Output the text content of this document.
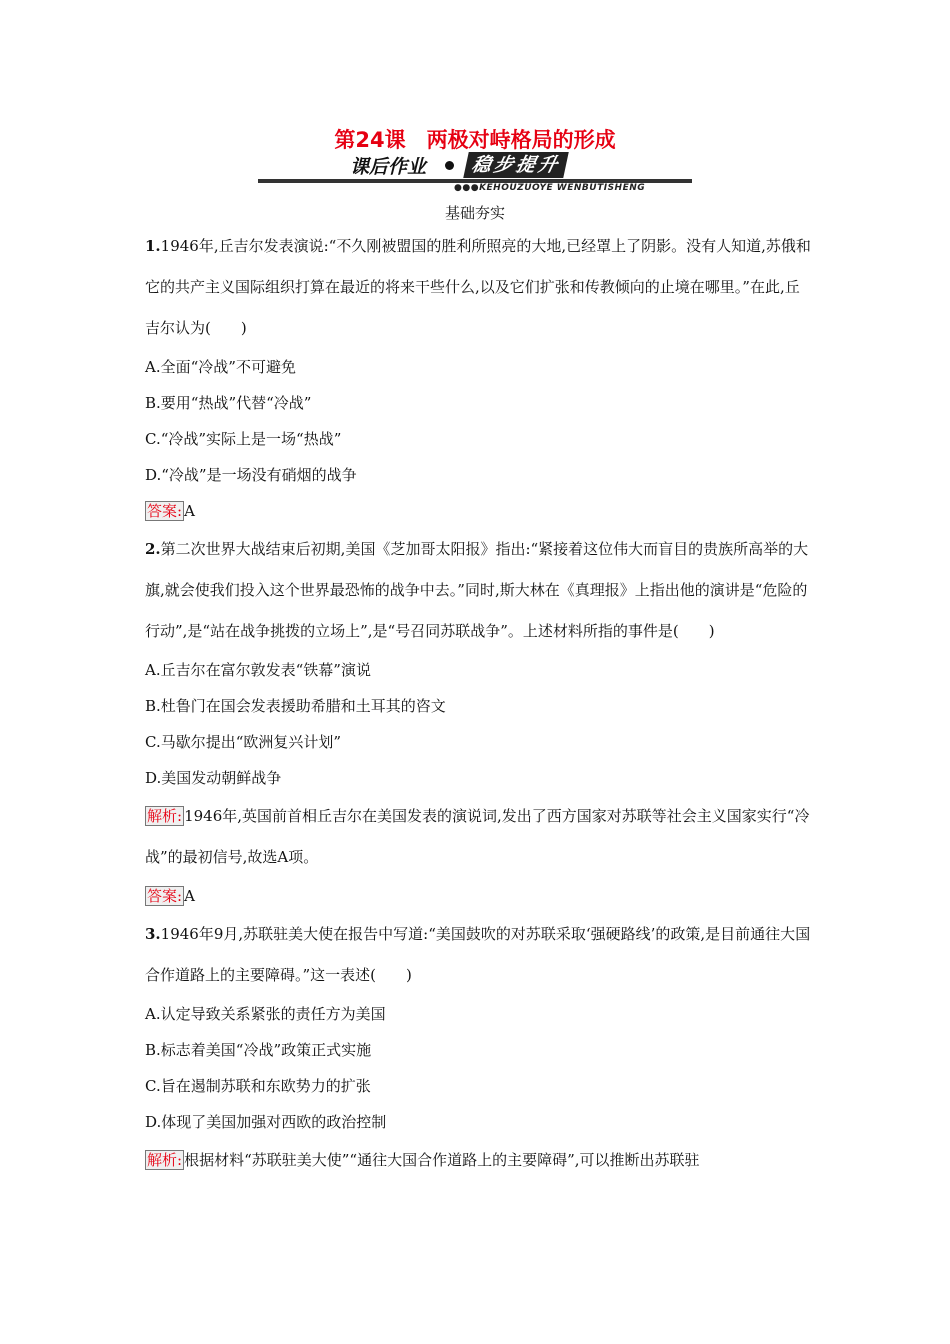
第24课　两极对峙格局的形成
课后作业	稳步提升
●●●KEHOUZUOYE WENBUTISHENG
基础夯实
1.1946年,丘吉尔发表演说:“不久刚被盟国的胜利所照亮的大地,已经罩上了阴影。没有人知道,苏俄和它的共产主义国际组织打算在最近的将来干些什么,以及它们扩张和传教倾向的止境在哪里。”在此,丘吉尔认为(　　)
A.全面“冷战”不可避免
B.要用“热战”代替“冷战”
C.“冷战”实际上是一场“热战”
D.“冷战”是一场没有硝烟的战争
答案: A
2.第二次世界大战结束后初期,美国《芝加哥太阳报》指出:“紧接着这位伟大而盲目的贵族所高举的大旗,就会使我们投入这个世界最恐怖的战争中去。”同时,斯大林在《真理报》上指出他的演讲是“危险的行动”,是“站在战争挑拨的立场上”,是“号召同苏联战争”。上述材料所指的事件是(　　)
A.丘吉尔在富尔敦发表“铁幕”演说
B.杜鲁门在国会发表援助希腊和土耳其的咨文
C.马歇尔提出“欧洲复兴计划”
D.美国发动朝鲜战争
解析: 1946年,英国前首相丘吉尔在美国发表的演说词,发出了西方国家对苏联等社会主义国家实行“冷战”的最初信号,故选A项。
答案: A
3.1946年9月,苏联驻美大使在报告中写道:“美国鼓吹的对苏联采取‘强硬路线’的政策,是目前通往大国合作道路上的主要障碍。”这一表述(　　)
A.认定导致关系紧张的责任方为美国
B.标志着美国“冷战”政策正式实施
C.旨在遏制苏联和东欧势力的扩张
D.体现了美国加强对西欧的政治控制
解析: 根据材料“苏联驻美大使”“通往大国合作道路上的主要障碍”,可以推断出苏联驻
